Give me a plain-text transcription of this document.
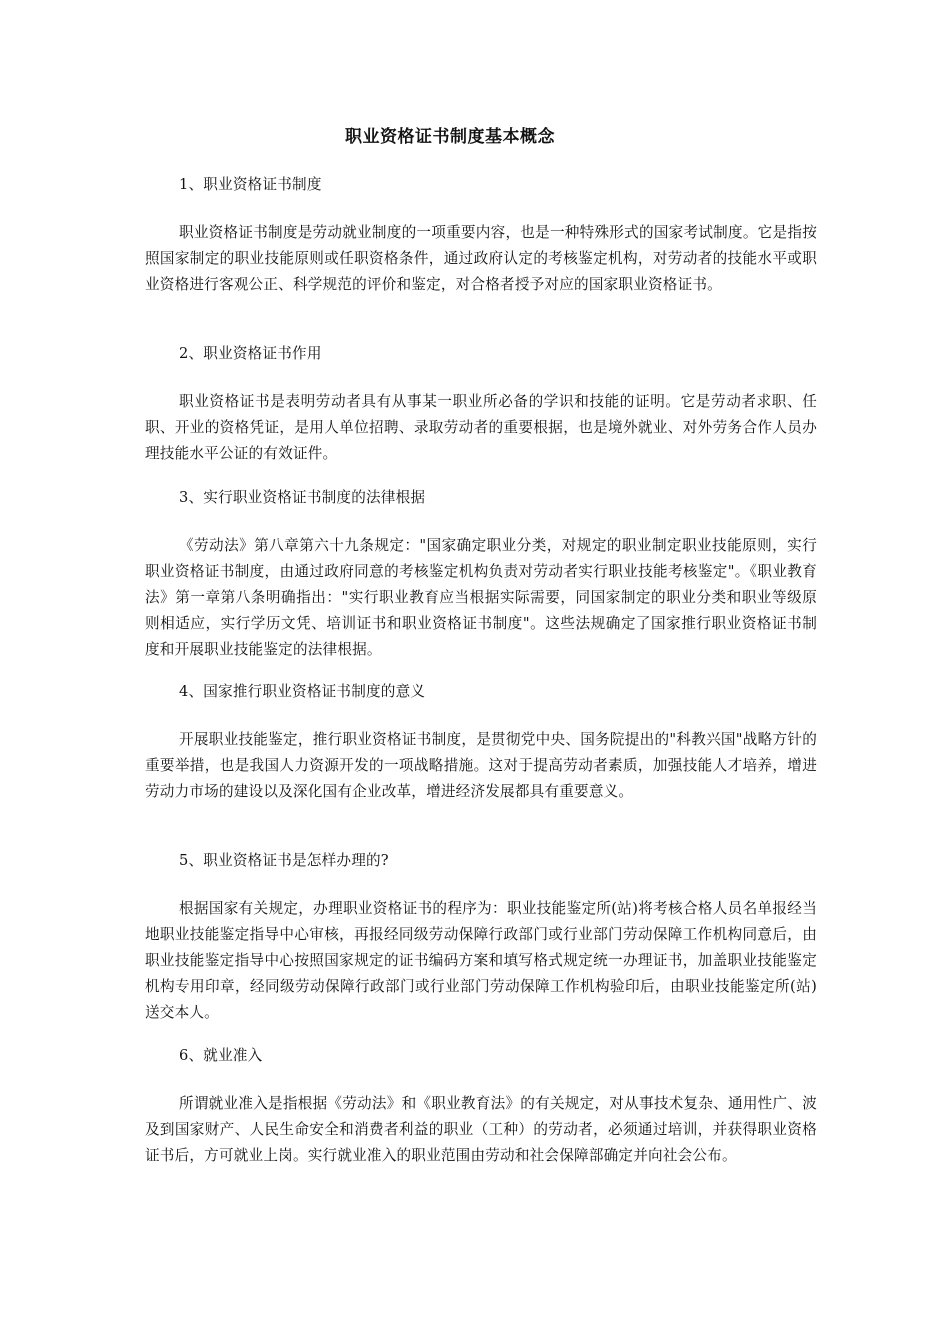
职业资格证书制度基本概念

1、职业资格证书制度

职业资格证书制度是劳动就业制度的一项重要内容，也是一种特殊形式的国家考试制度。它是指按照国家制定的职业技能原则或任职资格条件，通过政府认定的考核鉴定机构，对劳动者的技能水平或职业资格进行客观公正、科学规范的评价和鉴定，对合格者授予对应的国家职业资格证书。

2、职业资格证书作用

职业资格证书是表明劳动者具有从事某一职业所必备的学识和技能的证明。它是劳动者求职、任职、开业的资格凭证，是用人单位招聘、录取劳动者的重要根据，也是境外就业、对外劳务合作人员办理技能水平公证的有效证件。

3、实行职业资格证书制度的法律根据

《劳动法》第八章第六十九条规定："国家确定职业分类，对规定的职业制定职业技能原则，实行职业资格证书制度，由通过政府同意的考核鉴定机构负责对劳动者实行职业技能考核鉴定"。《职业教育法》第一章第八条明确指出："实行职业教育应当根据实际需要，同国家制定的职业分类和职业等级原则相适应，实行学历文凭、培训证书和职业资格证书制度"。这些法规确定了国家推行职业资格证书制度和开展职业技能鉴定的法律根据。

4、国家推行职业资格证书制度的意义

开展职业技能鉴定，推行职业资格证书制度，是贯彻党中央、国务院提出的"科教兴国"战略方针的重要举措，也是我国人力资源开发的一项战略措施。这对于提高劳动者素质，加强技能人才培养，增进劳动力市场的建设以及深化国有企业改革，增进经济发展都具有重要意义。

5、职业资格证书是怎样办理的?

根据国家有关规定，办理职业资格证书的程序为：职业技能鉴定所(站)将考核合格人员名单报经当地职业技能鉴定指导中心审核，再报经同级劳动保障行政部门或行业部门劳动保障工作机构同意后，由职业技能鉴定指导中心按照国家规定的证书编码方案和填写格式规定统一办理证书，加盖职业技能鉴定机构专用印章，经同级劳动保障行政部门或行业部门劳动保障工作机构验印后，由职业技能鉴定所(站)送交本人。

6、就业准入

所谓就业准入是指根据《劳动法》和《职业教育法》的有关规定，对从事技术复杂、通用性广、波及到国家财产、人民生命安全和消费者利益的职业（工种）的劳动者，必须通过培训，并获得职业资格证书后，方可就业上岗。实行就业准入的职业范围由劳动和社会保障部确定并向社会公布。
